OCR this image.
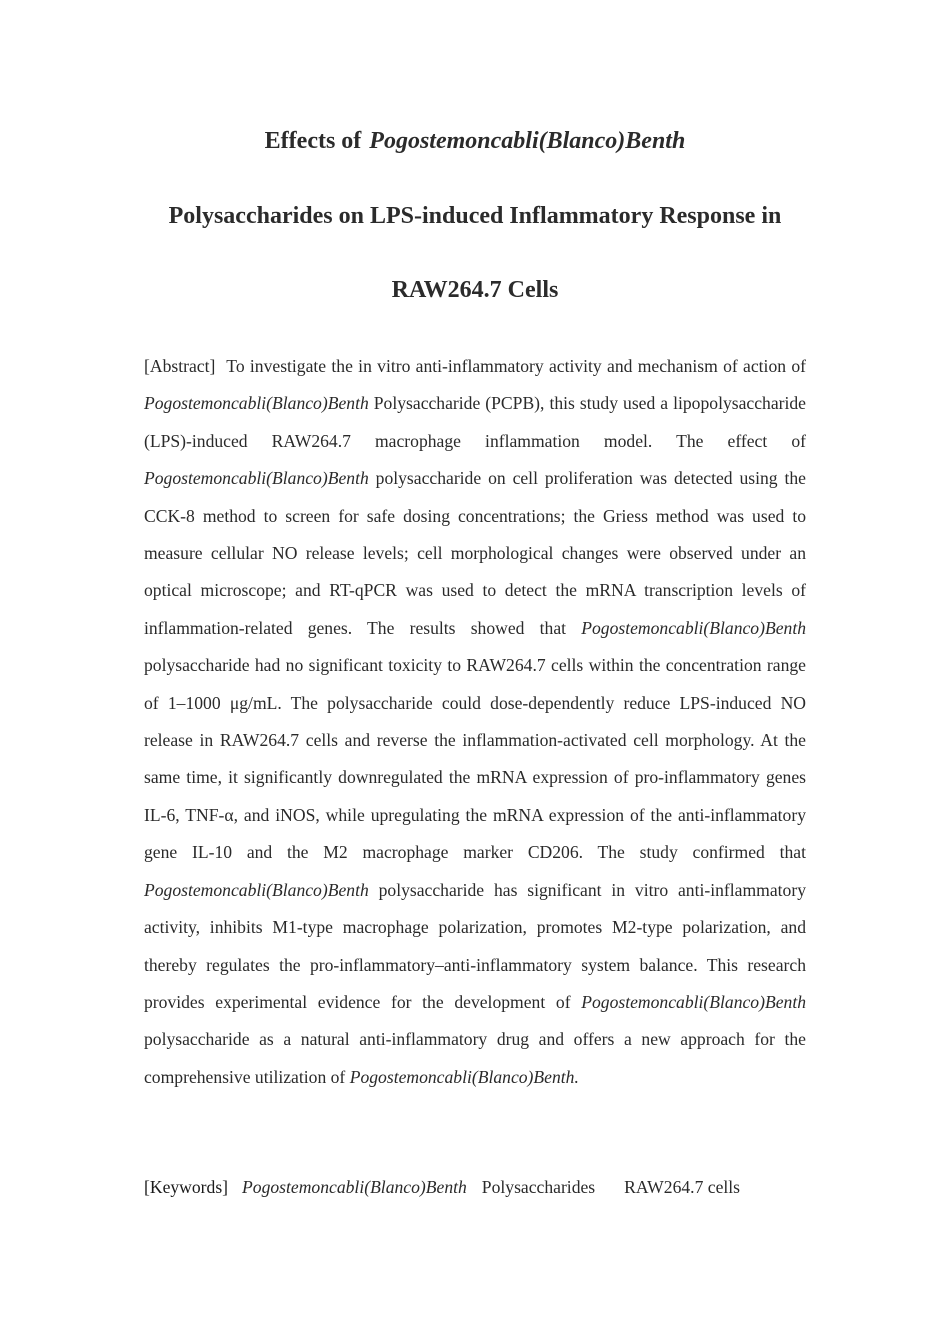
Effects of Pogostemoncabli(Blanco)Benth
Polysaccharides on LPS-induced Inflammatory Response in
RAW264.7 Cells
[Abstract] To investigate the in vitro anti-inflammatory activity and mechanism of action of Pogostemoncabli(Blanco)Benth Polysaccharide (PCPB), this study used a lipopolysaccharide (LPS)-induced RAW264.7 macrophage inflammation model. The effect of Pogostemoncabli(Blanco)Benth polysaccharide on cell proliferation was detected using the CCK-8 method to screen for safe dosing concentrations; the Griess method was used to measure cellular NO release levels; cell morphological changes were observed under an optical microscope; and RT-qPCR was used to detect the mRNA transcription levels of inflammation-related genes. The results showed that Pogostemoncabli(Blanco)Benth polysaccharide had no significant toxicity to RAW264.7 cells within the concentration range of 1–1000 μg/mL. The polysaccharide could dose-dependently reduce LPS-induced NO release in RAW264.7 cells and reverse the inflammation-activated cell morphology. At the same time, it significantly downregulated the mRNA expression of pro-inflammatory genes IL-6, TNF-α, and iNOS, while upregulating the mRNA expression of the anti-inflammatory gene IL-10 and the M2 macrophage marker CD206. The study confirmed that Pogostemoncabli(Blanco)Benth polysaccharide has significant in vitro anti-inflammatory activity, inhibits M1-type macrophage polarization, promotes M2-type polarization, and thereby regulates the pro-inflammatory–anti-inflammatory system balance. This research provides experimental evidence for the development of Pogostemoncabli(Blanco)Benth polysaccharide as a natural anti-inflammatory drug and offers a new approach for the comprehensive utilization of Pogostemoncabli(Blanco)Benth.
[Keywords] Pogostemoncabli(Blanco)Benth Polysaccharides RAW264.7 cells
